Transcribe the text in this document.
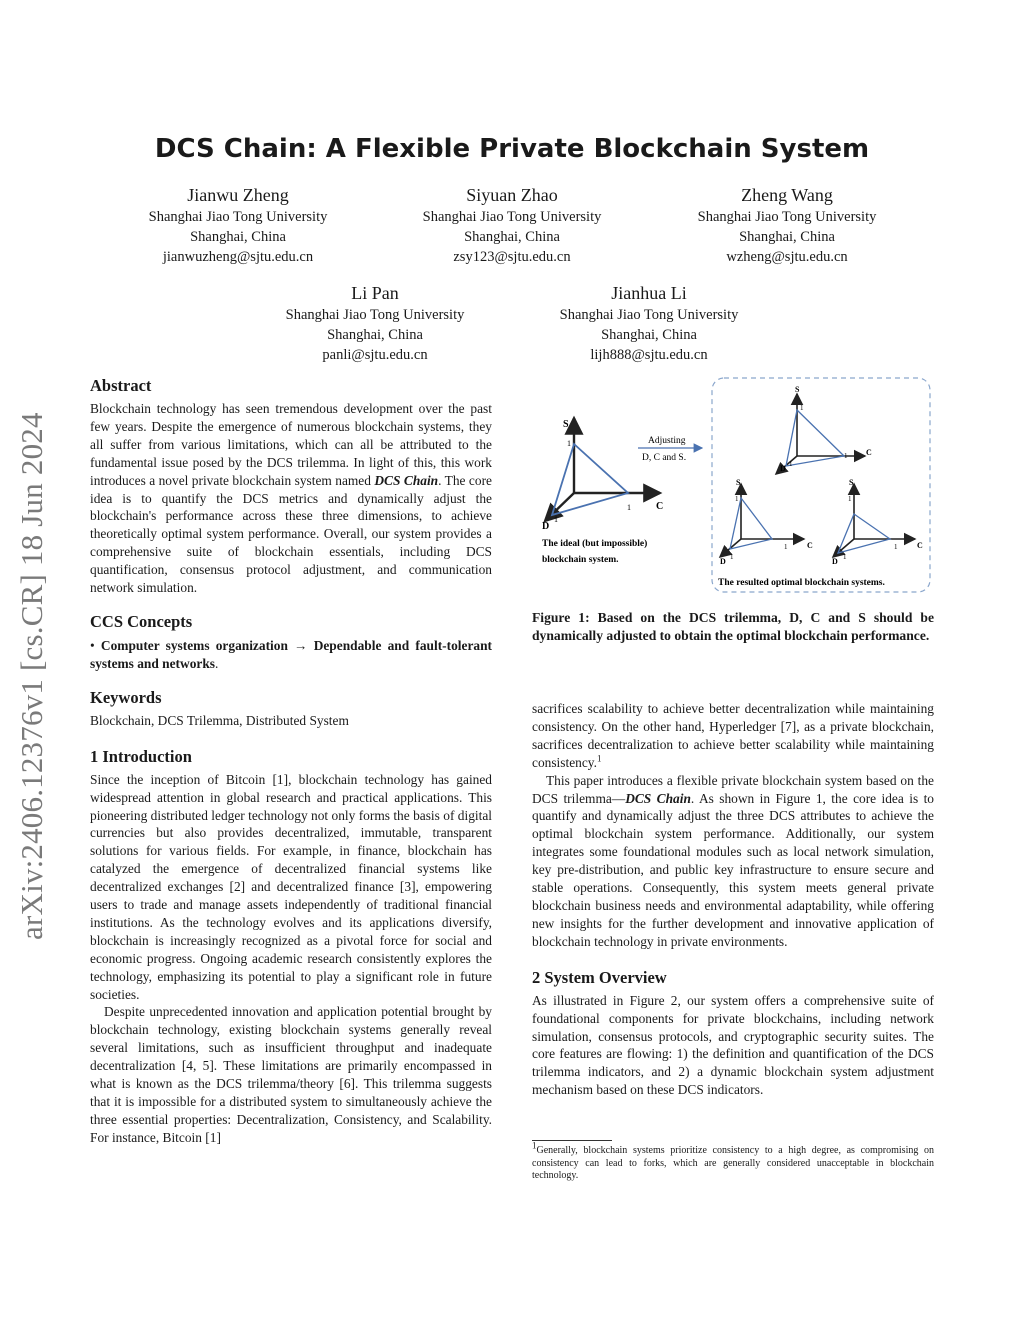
DCS Chain: A Flexible Private Blockchain System
Jianwu Zheng
Shanghai Jiao Tong University
Shanghai, China
jianwuzheng@sjtu.edu.cn
Siyuan Zhao
Shanghai Jiao Tong University
Shanghai, China
zsy123@sjtu.edu.cn
Zheng Wang
Shanghai Jiao Tong University
Shanghai, China
wzheng@sjtu.edu.cn
Li Pan
Shanghai Jiao Tong University
Shanghai, China
panli@sjtu.edu.cn
Jianhua Li
Shanghai Jiao Tong University
Shanghai, China
lijh888@sjtu.edu.cn
arXiv:2406.12376v1 [cs.CR] 18 Jun 2024
Abstract

Blockchain technology has seen tremendous development over the past few years. Despite the emergence of numerous blockchain systems, they all suffer from various limitations, which can all be attributed to the fundamental issue posed by the DCS trilemma. In light of this, this work introduces a novel private blockchain system named DCS Chain. The core idea is to quantify the DCS metrics and dynamically adjust the blockchain's performance across these three dimensions, to achieve theoretically optimal system performance. Overall, our system provides a comprehensive suite of blockchain essentials, including DCS quantification, consensus protocol adjustment, and communication network simulation.

CCS Concepts

• Computer systems organization → Dependable and fault-tolerant systems and networks.

Keywords

Blockchain, DCS Trilemma, Distributed System

1 Introduction

Since the inception of Bitcoin [1], blockchain technology has gained widespread attention in global research and practical applications. This pioneering distributed ledger technology not only forms the basis of digital currencies but also provides decentralized, immutable, transparent solutions for various fields. For example, in finance, blockchain has catalyzed the emergence of decentralized financial systems like decentralized exchanges [2] and decentralized finance [3], empowering users to trade and manage assets independently of traditional financial institutions. As the technology evolves and its applications diversify, blockchain is increasingly recognized as a pivotal force for social and economic progress. Ongoing academic research consistently explores the technology, emphasizing its potential to play a significant role in future societies.

Despite unprecedented innovation and application potential brought by blockchain technology, existing blockchain systems generally reveal several limitations, such as insufficient throughput and inadequate decentralization [4, 5]. These limitations are primarily encompassed in what is known as the DCS trilemma/theory [6]. This trilemma suggests that it is impossible for a distributed system to simultaneously achieve the three essential properties: Decentralization, Consistency, and Scalability. For instance, Bitcoin [1]

S
1
C
1
D
1
The ideal (but impossible)
blockchain system.
Adjusting
D, C and S.
S
1
C
1
D 1
S
1
C
1
D 1
S
1
C
1
D 1
The resulted optimal blockchain systems.
Figure 1: Based on the DCS trilemma, D, C and S should be dynamically adjusted to obtain the optimal blockchain performance.

sacrifices scalability to achieve better decentralization while maintaining consistency. On the other hand, Hyperledger [7], as a private blockchain, sacrifices decentralization to achieve better scalability while maintaining consistency.$^1$

This paper introduces a flexible private blockchain system based on the DCS trilemma—DCS Chain. As shown in Figure 1, the core idea is to quantify and dynamically adjust the three DCS attributes to achieve the optimal blockchain system performance. Additionally, our system integrates some foundational modules such as local network simulation, key pre-distribution, and public key infrastructure to ensure secure and stable operations. Consequently, this system meets general private blockchain business needs and environmental adaptability, while offering new insights for the further development and innovative application of blockchain technology in private environments.

2 System Overview

As illustrated in Figure 2, our system offers a comprehensive suite of foundational components for private blockchains, including network simulation, consensus protocols, and cryptographic security suites. The core features are flowing: 1) the definition and quantification of the DCS trilemma indicators, and 2) a dynamic blockchain system adjustment mechanism based on these DCS indicators.

$^1$Generally, blockchain systems prioritize consistency to a high degree, as compromising on consistency can lead to forks, which are generally considered unacceptable in blockchain technology.
